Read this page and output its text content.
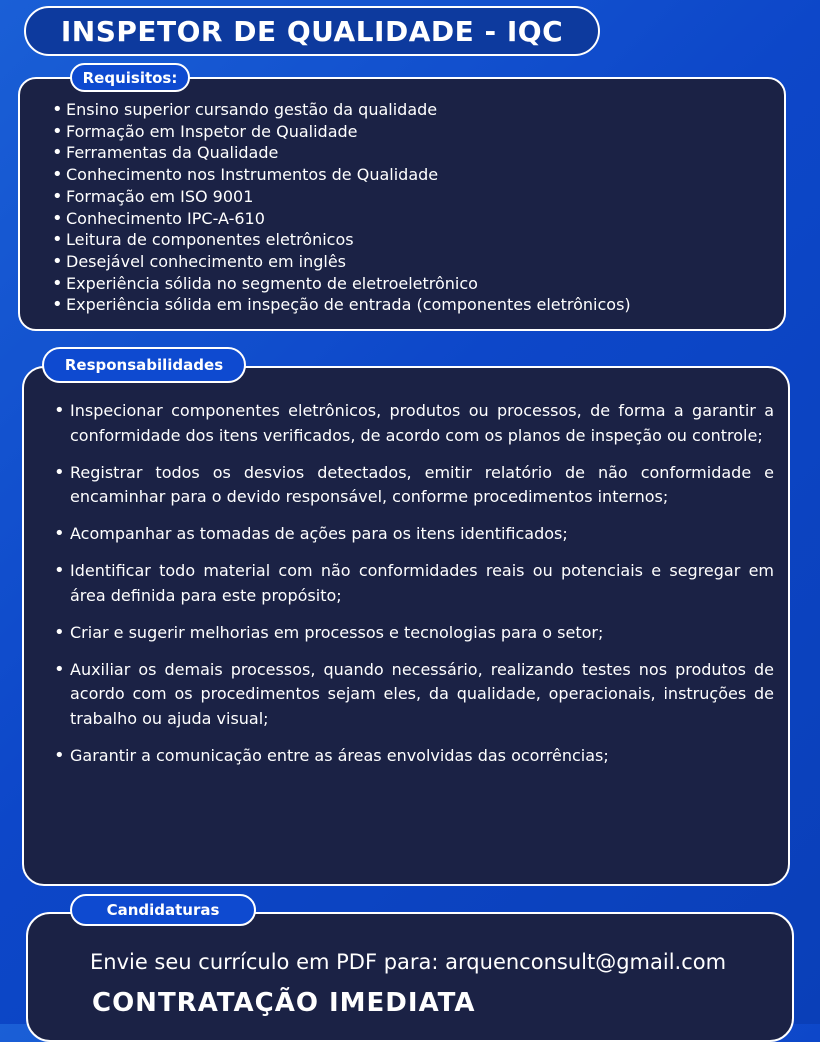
INSPETOR DE QUALIDADE - IQC
Requisitos:
• Ensino superior cursando gestão da qualidade
• Formação em Inspetor de Qualidade
• Ferramentas da Qualidade
• Conhecimento nos Instrumentos de Qualidade
• Formação em ISO 9001
• Conhecimento IPC-A-610
• Leitura de componentes eletrônicos
• Desejável conhecimento em inglês
• Experiência sólida no segmento de eletroeletrônico
• Experiência sólida em inspeção de entrada (componentes eletrônicos)
Responsabilidades
• Inspecionar componentes eletrônicos, produtos ou processos, de forma a garantir a conformidade dos itens verificados, de acordo com os planos de inspeção ou controle;
• Registrar todos os desvios detectados, emitir relatório de não conformidade e encaminhar para o devido responsável, conforme procedimentos internos;
• Acompanhar as tomadas de ações para os itens identificados;
• Identificar todo material com não conformidades reais ou potenciais e segregar em área definida para este propósito;
• Criar e sugerir melhorias em processos e tecnologias para o setor;
• Auxiliar os demais processos, quando necessário, realizando testes nos produtos de acordo com os procedimentos sejam eles, da qualidade, operacionais, instruções de trabalho ou ajuda visual;
• Garantir a comunicação entre as áreas envolvidas das ocorrências;
Candidaturas
Envie seu currículo em PDF para: arquenconsult@gmail.com
CONTRATAÇÃO IMEDIATA
